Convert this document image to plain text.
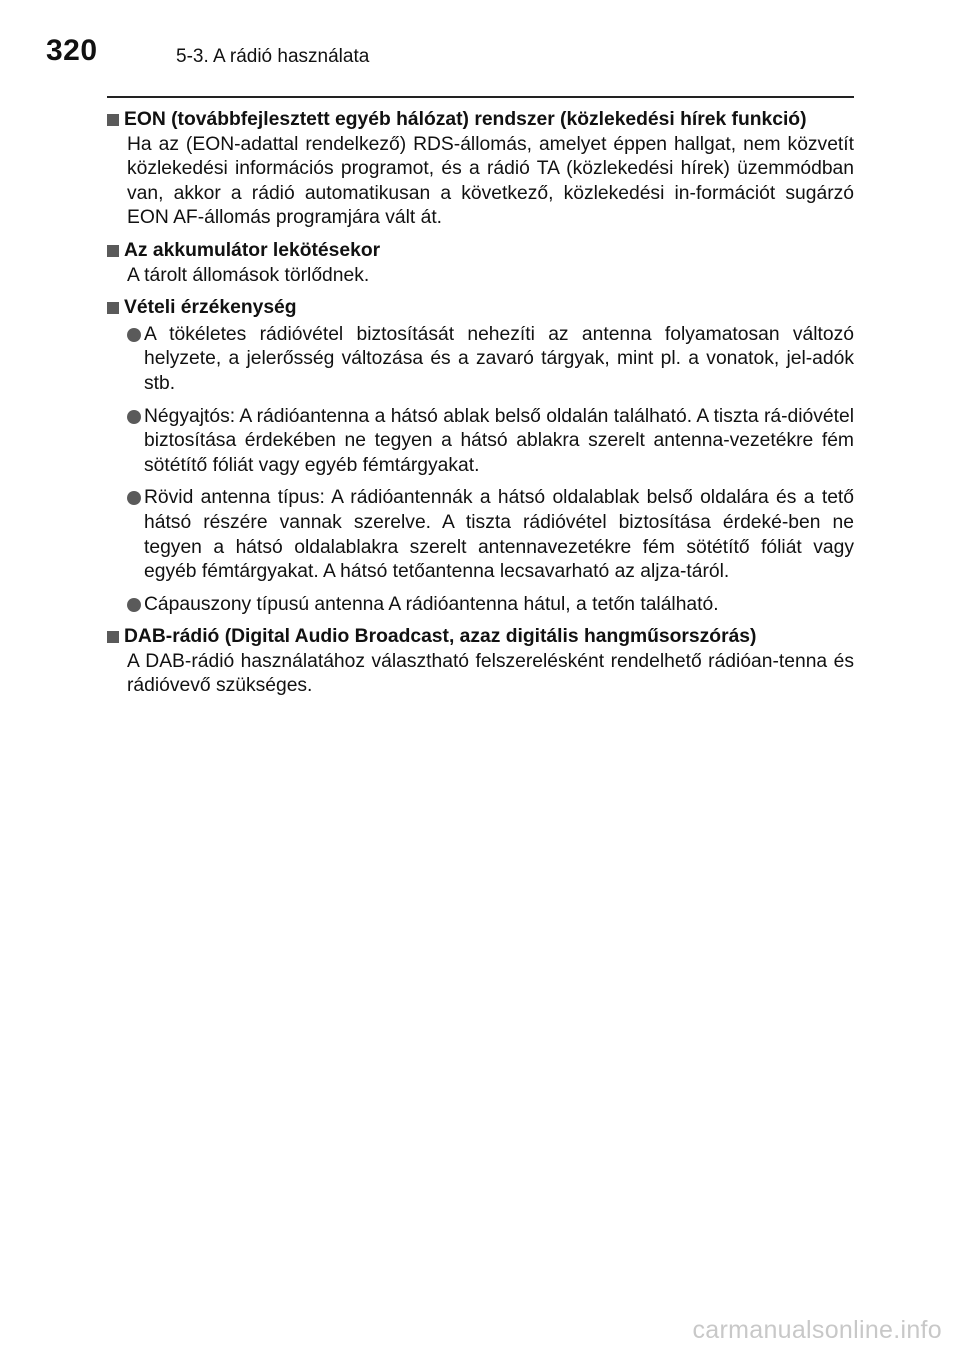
320	5-3. A rádió használata
EON (továbbfejlesztett egyéb hálózat) rendszer (közlekedési hírek funkció)
Ha az (EON-adattal rendelkező) RDS-állomás, amelyet éppen hallgat, nem közvetít közlekedési információs programot, és a rádió TA (közlekedési hírek) üzemmódban van, akkor a rádió automatikusan a következő, közlekedési in-formációt sugárzó EON AF-állomás programjára vált át.
Az akkumulátor lekötésekor
A tárolt állomások törlődnek.
Vételi érzékenység
A tökéletes rádióvétel biztosítását nehezíti az antenna folyamatosan változó helyzete, a jelerősség változása és a zavaró tárgyak, mint pl. a vonatok, jel-adók stb.
Négyajtós: A rádióantenna a hátsó ablak belső oldalán található. A tiszta rá-dióvétel biztosítása érdekében ne tegyen a hátsó ablakra szerelt antenna-vezetékre fém sötétítő fóliát vagy egyéb fémtárgyakat.
Rövid antenna típus: A rádióantennák a hátsó oldalablak belső oldalára és a tető hátsó részére vannak szerelve. A tiszta rádióvétel biztosítása érdeké-ben ne tegyen a hátsó oldalablakra szerelt antennavezetékre fém sötétítő fóliát vagy egyéb fémtárgyakat. A hátsó tetőantenna lecsavarható az aljza-táról.
Cápauszony típusú antenna A rádióantenna hátul, a tetőn található.
DAB-rádió (Digital Audio Broadcast, azaz digitális hangműsorszórás)
A DAB-rádió használatához választható felszerelésként rendelhető rádióan-tenna és rádióvevő szükséges.
carmanualsonline.info
